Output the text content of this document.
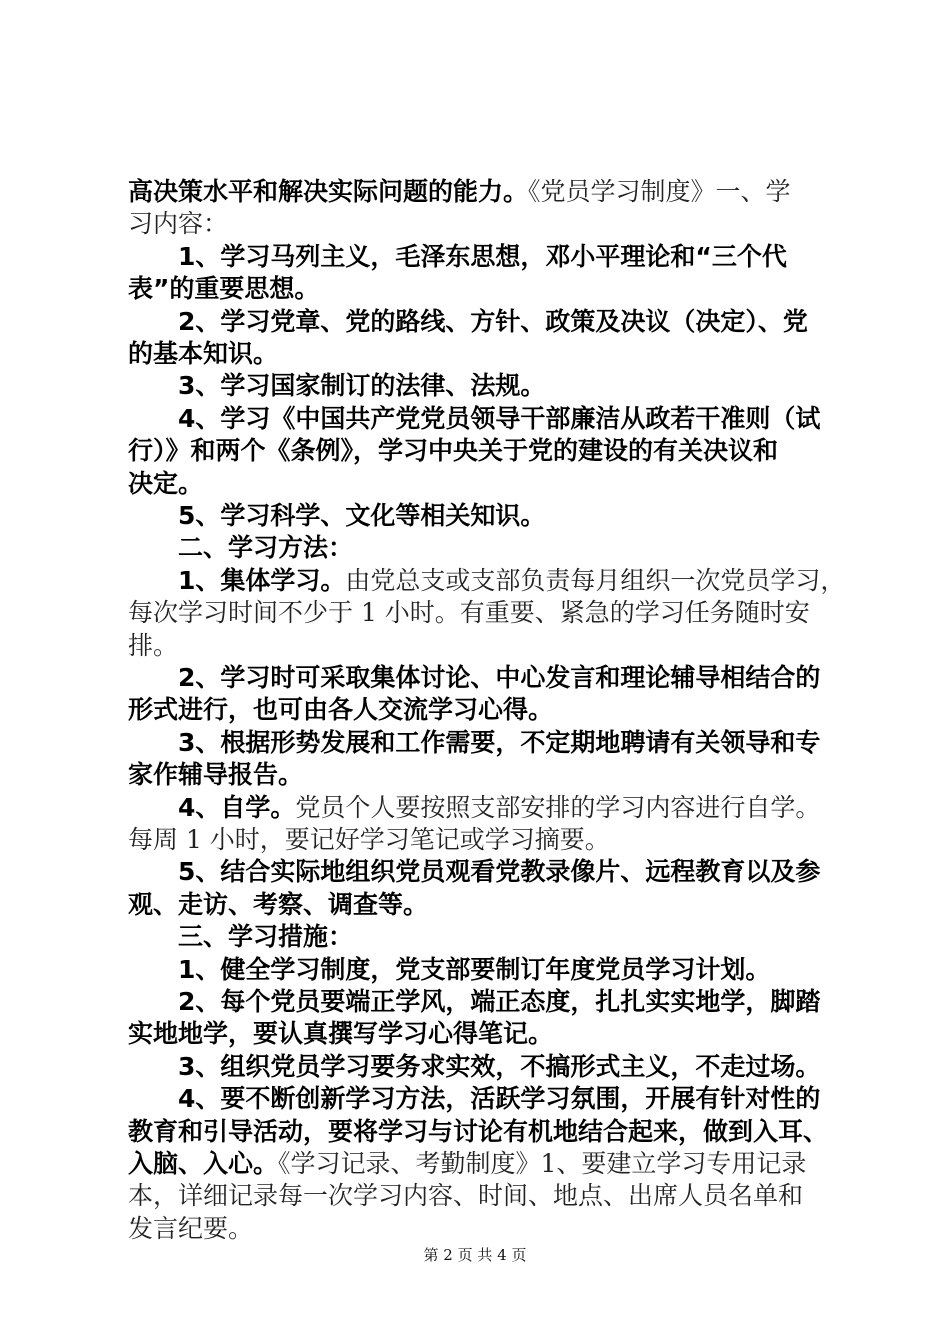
高决策水平和解决实际问题的能力。《党员学习制度》一、学
习内容：
1、学习马列主义，毛泽东思想，邓小平理论和“三个代
表”的重要思想。
2、学习党章、党的路线、方针、政策及决议（决定）、党
的基本知识。
3、学习国家制订的法律、法规。
4、学习《中国共产党党员领导干部廉洁从政若干准则（试
行）》和两个《条例》，学习中央关于党的建设的有关决议和
决定。
5、学习科学、文化等相关知识。
二、学习方法：
1、集体学习。由党总支或支部负责每月组织一次党员学习，
每次学习时间不少于 1 小时。有重要、紧急的学习任务随时安
排。
2、学习时可采取集体讨论、中心发言和理论辅导相结合的
形式进行，也可由各人交流学习心得。
3、根据形势发展和工作需要，不定期地聘请有关领导和专
家作辅导报告。
4、自学。党员个人要按照支部安排的学习内容进行自学。
每周 1 小时，要记好学习笔记或学习摘要。
5、结合实际地组织党员观看党教录像片、远程教育以及参
观、走访、考察、调查等。
三、学习措施：
1、健全学习制度，党支部要制订年度党员学习计划。
2、每个党员要端正学风，端正态度，扎扎实实地学，脚踏
实地地学，要认真撰写学习心得笔记。
3、组织党员学习要务求实效，不搞形式主义，不走过场。
4、要不断创新学习方法，活跃学习氛围，开展有针对性的
教育和引导活动，要将学习与讨论有机地结合起来，做到入耳、
入脑、入心。《学习记录、考勤制度》1、要建立学习专用记录
本，详细记录每一次学习内容、时间、地点、出席人员名单和
发言纪要。
第 2 页 共 4 页
